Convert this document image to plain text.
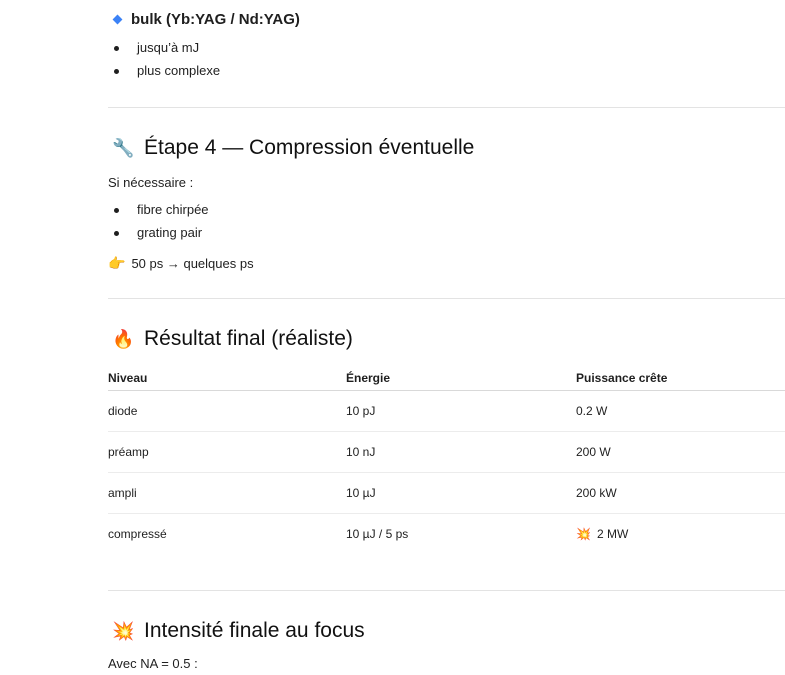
bulk (Yb:YAG / Nd:YAG)
jusqu’à mJ
plus complexe
🔧 Étape 4 — Compression éventuelle
Si nécessaire :
fibre chirpée
grating pair
👉 50 ps → quelques ps
🔥 Résultat final (réaliste)
Niveau	Énergie	Puissance crête
diode	10 pJ	0.2 W
préamp	10 nJ	200 W
ampli	10 µJ	200 kW
compressé	10 µJ / 5 ps	💥 2 MW
💥 Intensité finale au focus
Avec NA = 0.5 :
